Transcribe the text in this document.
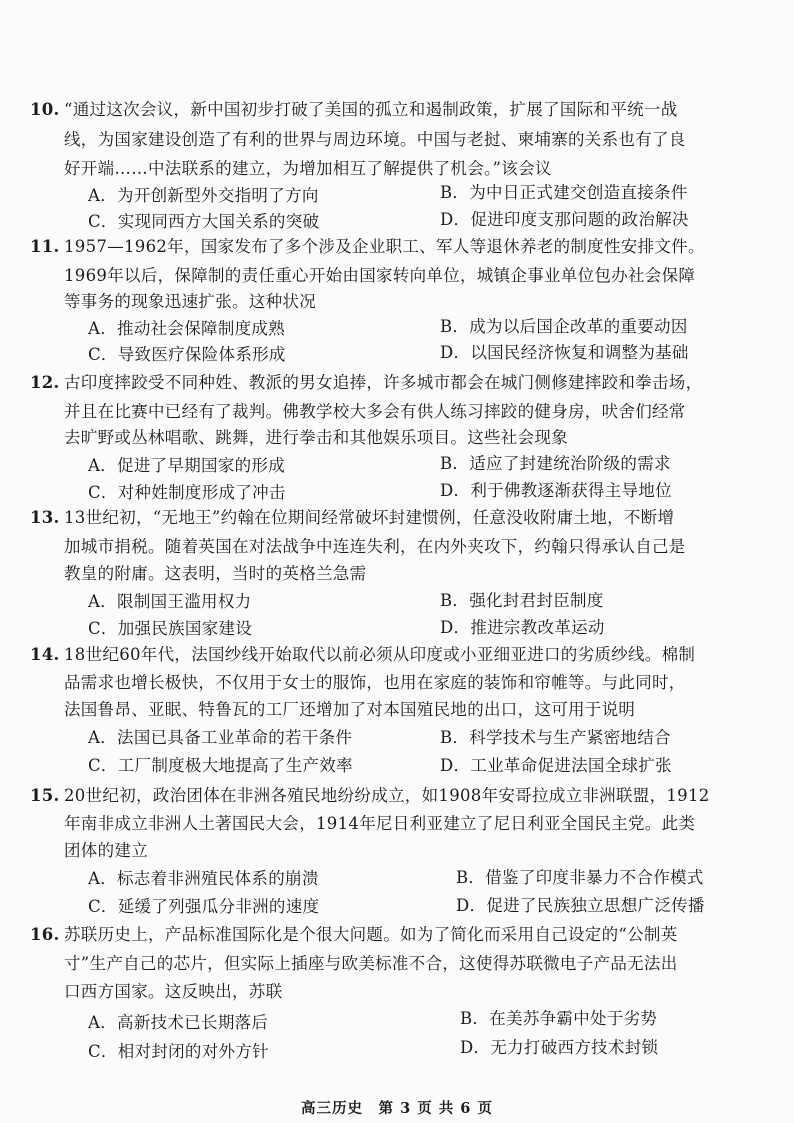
10. “通过这次会议，新中国初步打破了美国的孤立和遏制政策，扩展了国际和平统一战
线，为国家建设创造了有利的世界与周边环境。中国与老挝、柬埔寨的关系也有了良
好开端……中法联系的建立，为增加相互了解提供了机会。”该会议
A．为开创新型外交指明了方向	B．为中日正式建交创造直接条件
C．实现同西方大国关系的突破	D．促进印度支那问题的政治解决
11. 1957—1962年，国家发布了多个涉及企业职工、军人等退休养老的制度性安排文件。
1969年以后，保障制的责任重心开始由国家转向单位，城镇企事业单位包办社会保障
等事务的现象迅速扩张。这种状况
A．推动社会保障制度成熟	B．成为以后国企改革的重要动因
C．导致医疗保险体系形成	D．以国民经济恢复和调整为基础
12. 古印度摔跤受不同种姓、教派的男女追捧，许多城市都会在城门侧修建摔跤和拳击场，
并且在比赛中已经有了裁判。佛教学校大多会有供人练习摔跤的健身房，吠舍们经常
去旷野或丛林唱歌、跳舞，进行拳击和其他娱乐项目。这些社会现象
A．促进了早期国家的形成	B．适应了封建统治阶级的需求
C．对种姓制度形成了冲击	D．利于佛教逐渐获得主导地位
13. 13世纪初，“无地王”约翰在位期间经常破坏封建惯例，任意没收附庸土地，不断增
加城市捐税。随着英国在对法战争中连连失利，在内外夹攻下，约翰只得承认自己是
教皇的附庸。这表明，当时的英格兰急需
A．限制国王滥用权力	B．强化封君封臣制度
C．加强民族国家建设	D．推进宗教改革运动
14. 18世纪60年代，法国纱线开始取代以前必须从印度或小亚细亚进口的劣质纱线。棉制
品需求也增长极快，不仅用于女士的服饰，也用在家庭的装饰和帘帷等。与此同时，
法国鲁昂、亚眠、特鲁瓦的工厂还增加了对本国殖民地的出口，这可用于说明
A．法国已具备工业革命的若干条件	B．科学技术与生产紧密地结合
C．工厂制度极大地提高了生产效率	D．工业革命促进法国全球扩张
15. 20世纪初，政治团体在非洲各殖民地纷纷成立，如1908年安哥拉成立非洲联盟，1912
年南非成立非洲人土著国民大会，1914年尼日利亚建立了尼日利亚全国民主党。此类
团体的建立
A．标志着非洲殖民体系的崩溃	B．借鉴了印度非暴力不合作模式
C．延缓了列强瓜分非洲的速度	D．促进了民族独立思想广泛传播
16. 苏联历史上，产品标准国际化是个很大问题。如为了简化而采用自己设定的“公制英
寸”生产自己的芯片，但实际上插座与欧美标准不合，这使得苏联微电子产品无法出
口西方国家。这反映出，苏联
A．高新技术已长期落后	B．在美苏争霸中处于劣势
C．相对封闭的对外方针	D．无力打破西方技术封锁
高三历史　第 3 页 共 6 页
